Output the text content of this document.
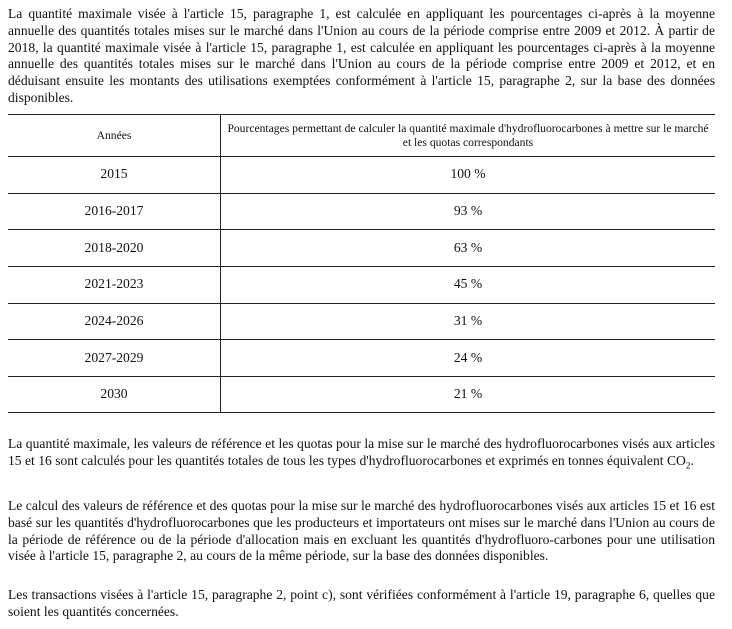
La quantité maximale visée à l'article 15, paragraphe 1, est calculée en appliquant les pourcentages ci-après à la moyenne annuelle des quantités totales mises sur le marché dans l'Union au cours de la période comprise entre 2009 et 2012. À partir de 2018, la quantité maximale visée à l'article 15, paragraphe 1, est calculée en appliquant les pourcentages ci-après à la moyenne annuelle des quantités totales mises sur le marché dans l'Union au cours de la période comprise entre 2009 et 2012, et en déduisant ensuite les montants des utilisations exemptées conformément à l'article 15, paragraphe 2, sur la base des données disponibles.

Années	Pourcentages permettant de calculer la quantité maximale d'hydrofluorocarbones à mettre sur le marché et les quotas correspondants
2015	100 %
2016-2017	93 %
2018-2020	63 %
2021-2023	45 %
2024-2026	31 %
2027-2029	24 %
2030	21 %

La quantité maximale, les valeurs de référence et les quotas pour la mise sur le marché des hydrofluorocarbones visés aux articles 15 et 16 sont calculés pour les quantités totales de tous les types d'hydrofluorocarbones et exprimés en tonnes équivalent $CO_2$.

Le calcul des valeurs de référence et des quotas pour la mise sur le marché des hydrofluorocarbones visés aux articles 15 et 16 est basé sur les quantités d'hydrofluorocarbones que les producteurs et importateurs ont mises sur le marché dans l'Union au cours de la période de référence ou de la période d'allocation mais en excluant les quantités d'hydrofluoro-carbones pour une utilisation visée à l'article 15, paragraphe 2, au cours de la même période, sur la base des données disponibles.

Les transactions visées à l'article 15, paragraphe 2, point c), sont vérifiées conformément à l'article 19, paragraphe 6, quelles que soient les quantités concernées.
